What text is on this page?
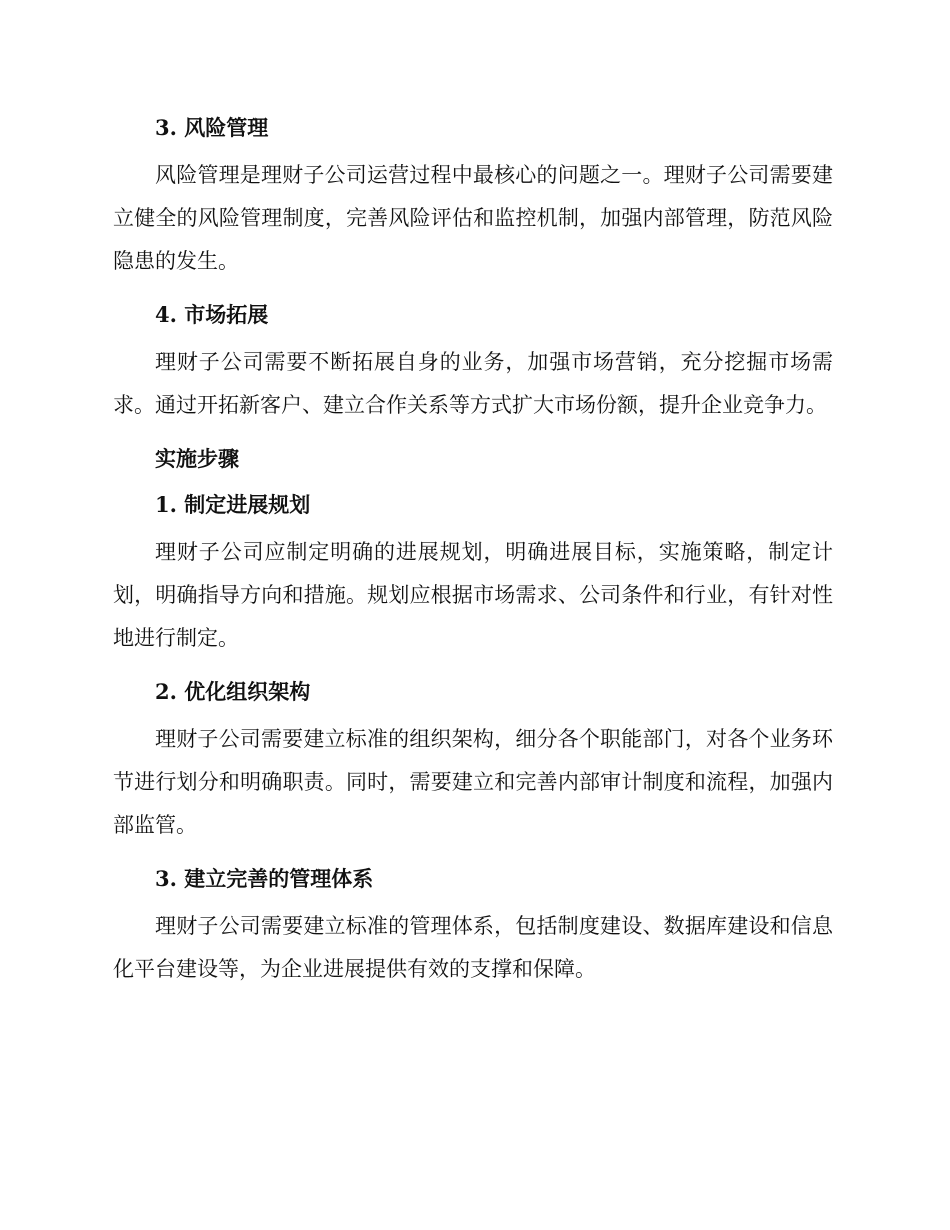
3. 风险管理

风险管理是理财子公司运营过程中最核心的问题之一。理财子公司需要建立健全的风险管理制度，完善风险评估和监控机制，加强内部管理，防范风险隐患的发生。

4. 市场拓展

理财子公司需要不断拓展自身的业务，加强市场营销，充分挖掘市场需求。通过开拓新客户、建立合作关系等方式扩大市场份额，提升企业竞争力。

实施步骤
1. 制定进展规划

理财子公司应制定明确的进展规划，明确进展目标，实施策略，制定计划，明确指导方向和措施。规划应根据市场需求、公司条件和行业，有针对性地进行制定。

2. 优化组织架构

理财子公司需要建立标准的组织架构，细分各个职能部门，对各个业务环节进行划分和明确职责。同时，需要建立和完善内部审计制度和流程，加强内部监管。

3. 建立完善的管理体系

理财子公司需要建立标准的管理体系，包括制度建设、数据库建设和信息化平台建设等，为企业进展提供有效的支撑和保障。
